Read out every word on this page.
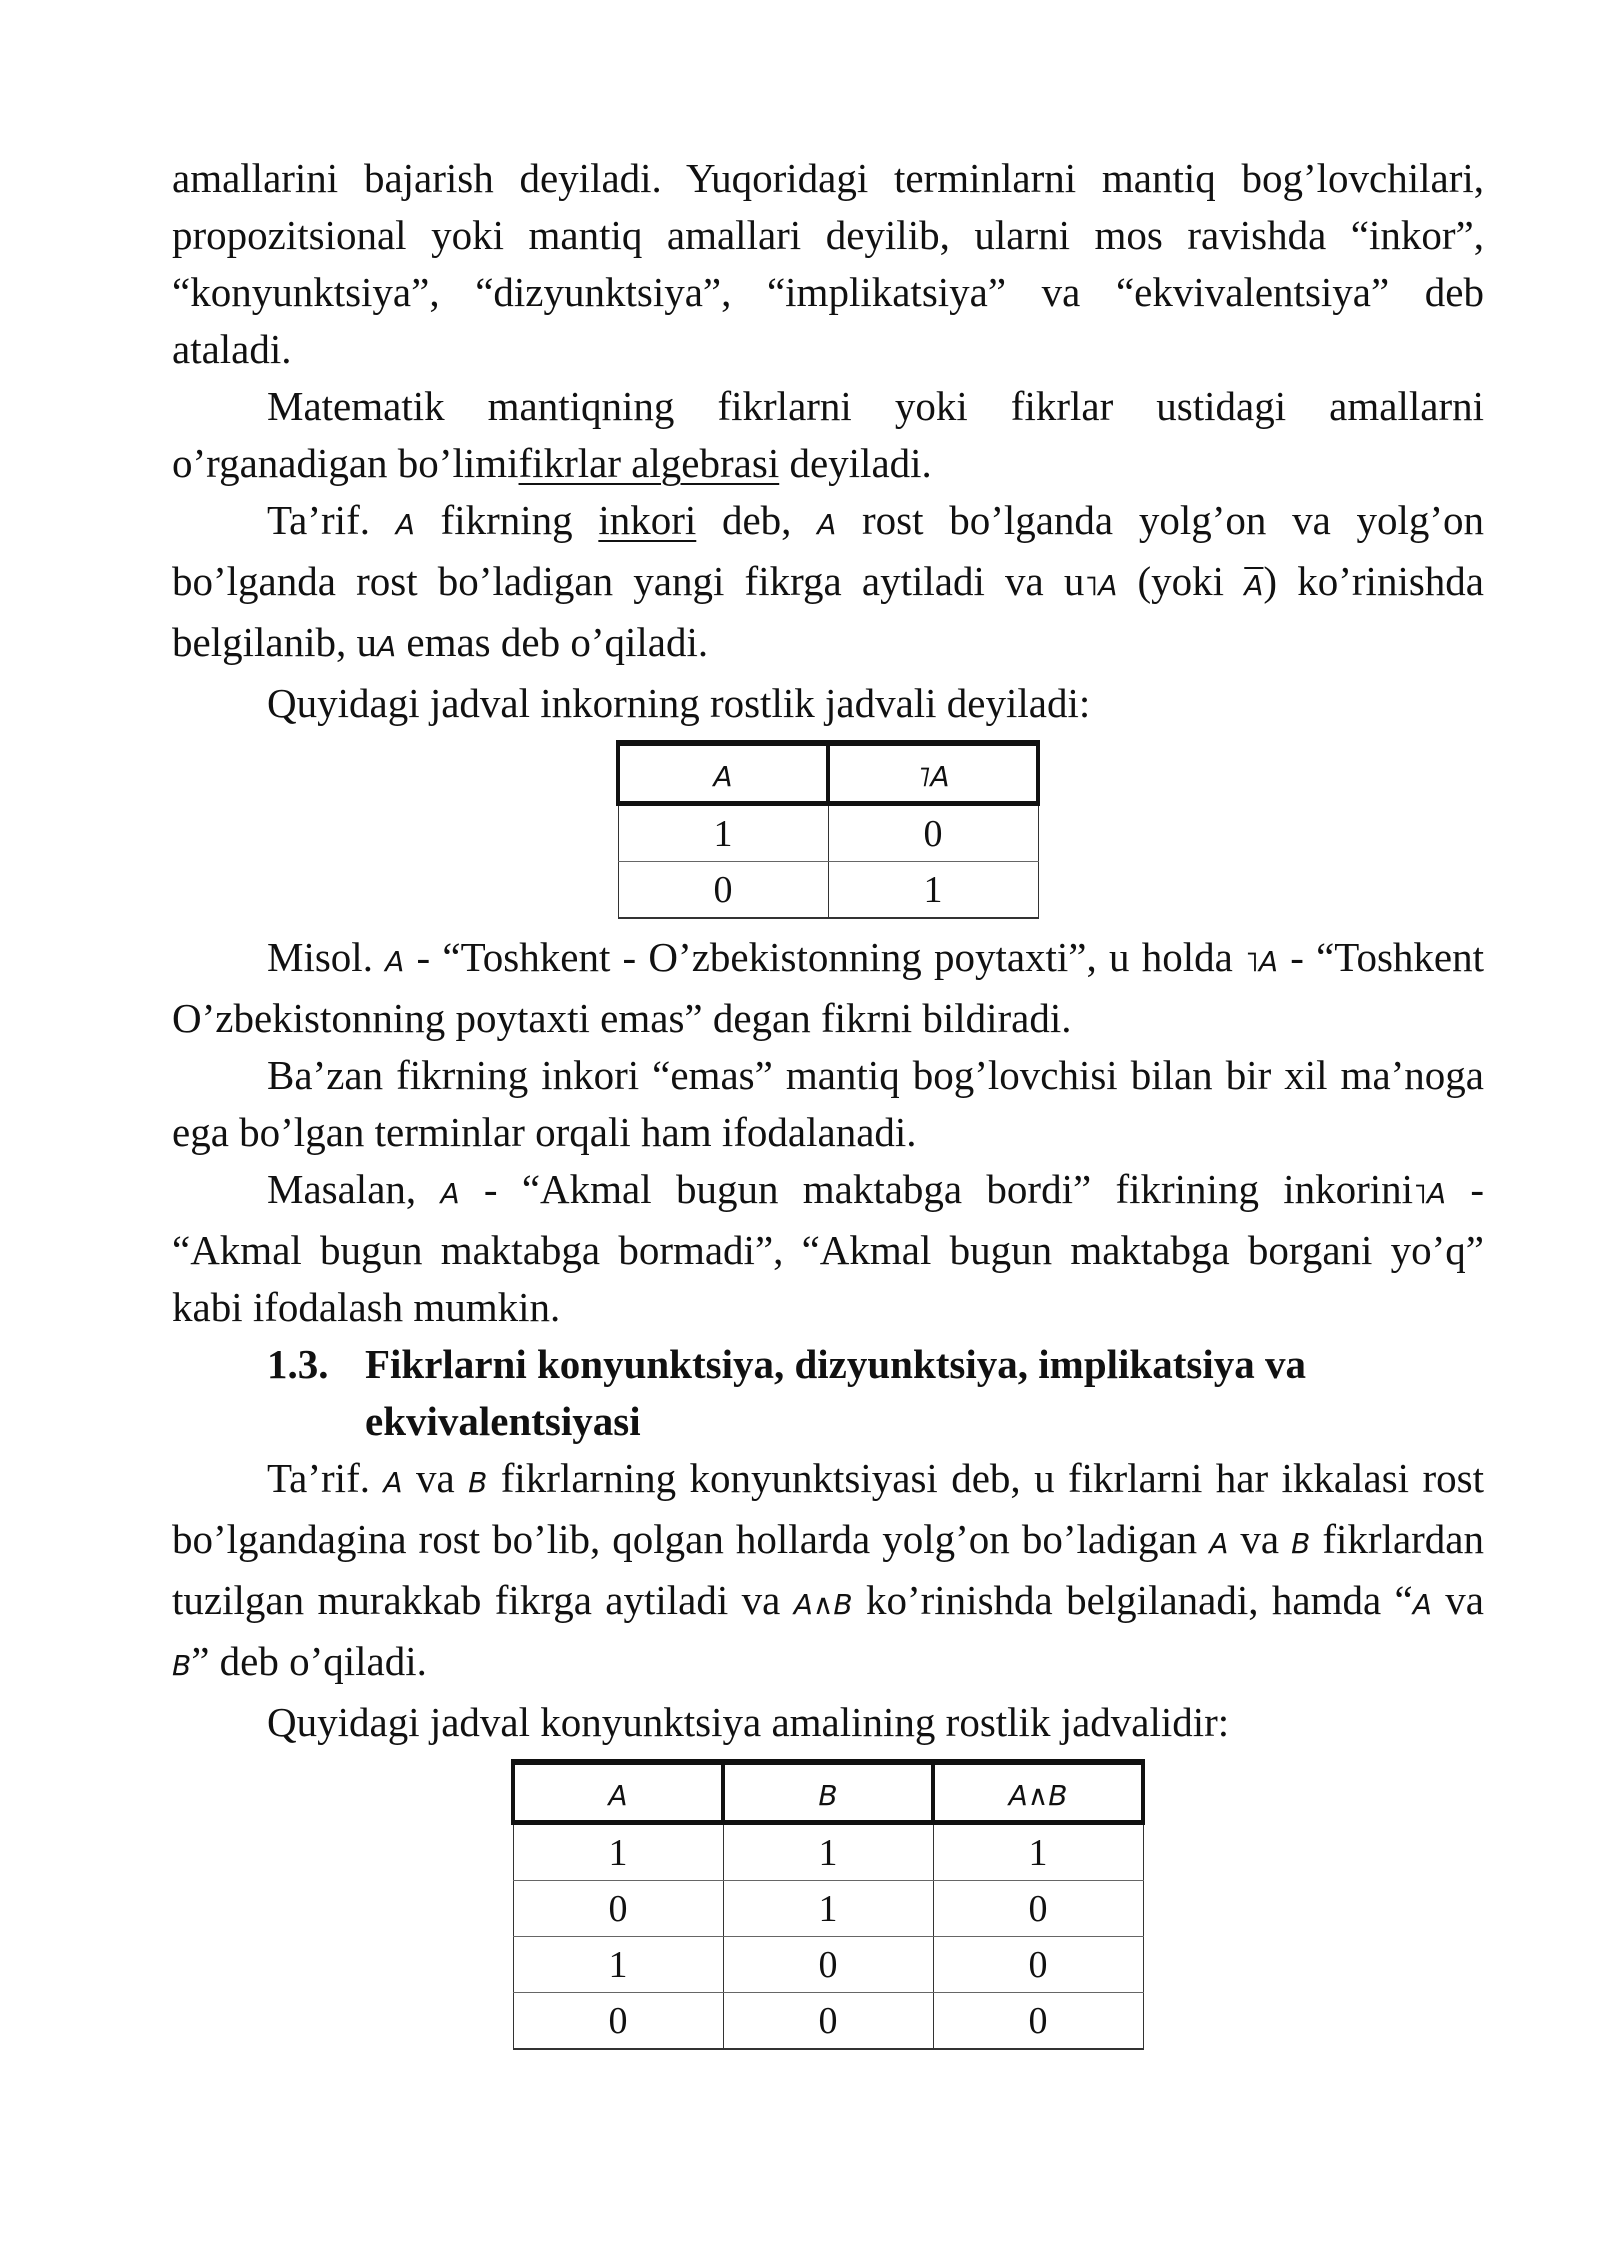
amallarini bajarish deyiladi. Yuqoridagi terminlarni mantiq bog’lovchilari, propozitsional yoki mantiq amallari deyilib, ularni mos ravishda “inkor”, “konyunktsiya”, “dizyunktsiya”, “implikatsiya” va “ekvivalentsiya” deb ataladi.

Matematik mantiqning fikrlarni yoki fikrlar ustidagi amallarni o’rganadigan bo’limifikrlar algebrasi deyiladi.

Ta’rif. A fikrning inkori deb, A rost bo’lganda yolg’on va yolg’on bo’lganda rost bo’ladigan yangi fikrga aytiladi va u˥A (yoki $\overline{A}$) ko’rinishda belgilanib, uA emas deb o’qiladi.

Quyidagi jadval inkorning rostlik jadvali deyiladi:

A	˥A
1	0
0	1

Misol. A - “Toshkent - O’zbekistonning poytaxti”, u holda ˥A - “Toshkent O’zbekistonning poytaxti emas” degan fikrni bildiradi.

Ba’zan fikrning inkori “emas” mantiq bog’lovchisi bilan bir xil ma’noga ega bo’lgan terminlar orqali ham ifodalanadi.

Masalan, A - “Akmal bugun maktabga bordi” fikrining inkorini˥A - “Akmal bugun maktabga bormadi”, “Akmal bugun maktabga borgani yo’q” kabi ifodalash mumkin.

1.3. Fikrlarni konyunktsiya, dizyunktsiya, implikatsiya va ekvivalentsiyasi

Ta’rif. A va B fikrlarning konyunktsiyasi deb, u fikrlarni har ikkalasi rost bo’lgandagina rost bo’lib, qolgan hollarda yolg’on bo’ladigan A va B fikrlardan tuzilgan murakkab fikrga aytiladi va A∧B ko’rinishda belgilanadi, hamda “A va B” deb o’qiladi.

Quyidagi jadval konyunktsiya amalining rostlik jadvalidir:

A	B	A∧B
1	1	1
0	1	0
1	0	0
0	0	0
